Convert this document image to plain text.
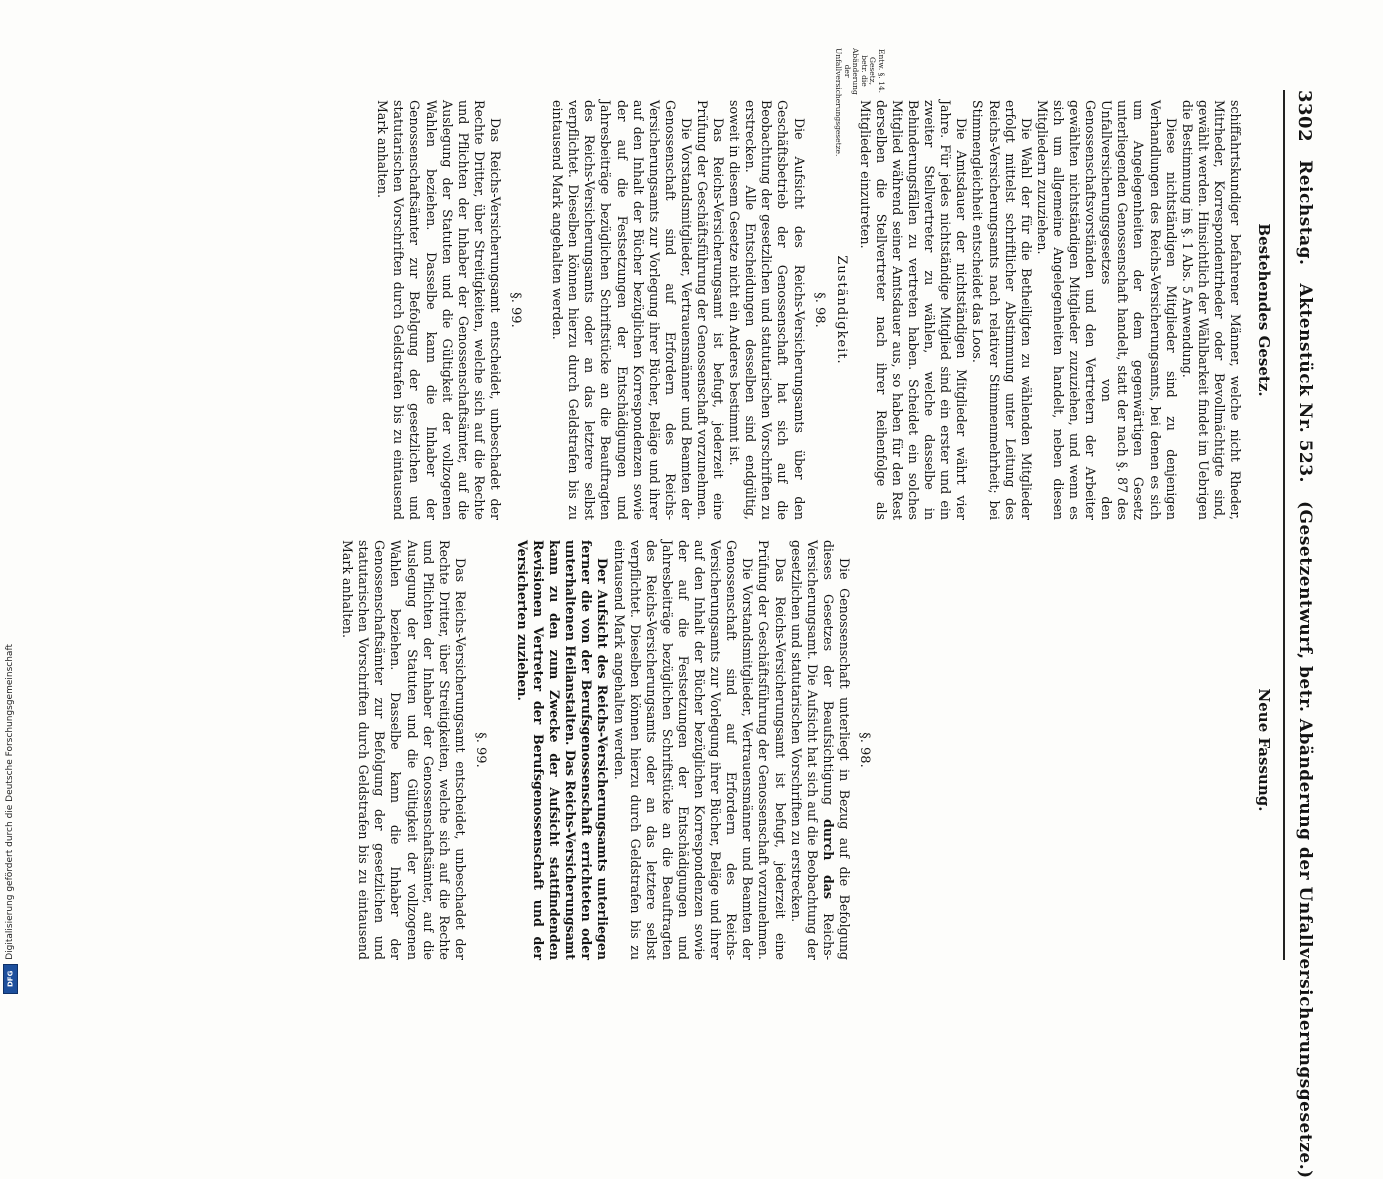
3302
Reichstag.
Aktenstück Nr. 523.
(Gesetzentwurf, betr. Abänderung der Unfallversicherungsgesetze.)
Bestehendes Gesetz.
Neue Fassung.

schiffahrtskundiger befahrener Männer, welche nicht Rheder, Mitrheder, Korrespondentrheder oder Bevollmächtigte sind, gewählt werden. Hinsichtlich der Wählbarkeit findet im Uebrigen die Bestimmung im §. 1 Abs. 5 Anwendung.

Diese nichtständigen Mitglieder sind zu denjenigen Verhandlungen des Reichs-Versicherungsamts, bei denen es sich um Angelegenheiten der dem gegenwärtigen Gesetz unterliegenden Genossenschaft handelt, statt der nach §. 87 des Unfallversicherungsgesetzes von den Genossenschaftsvorständen und den Vertretern der Arbeiter gewählten nichtständigen Mitglieder zuzuziehen, und wenn es sich um allgemeine Angelegenheiten handelt, neben diesen Mitgliedern zuzuziehen.

Die Wahl der für die Betheiligten zu wählenden Mitglieder erfolgt mittelst schriftlicher Abstimmung unter Leitung des Reichs-Versicherungsamts nach relativer Stimmenmehrheit; bei Stimmengleichheit entscheidet das Loos.

Die Amtsdauer der nichtständigen Mitglieder währt vier Jahre. Für jedes nichtständige Mitglied sind ein erster und ein zweiter Stellvertreter zu wählen, welche dasselbe in Behinderungsfällen zu vertreten haben. Scheidet ein solches Mitglied während seiner Amtsdauer aus, so haben für den Rest derselben die Stellvertreter nach ihrer Reihenfolge als Mitglieder einzutreten.

Zuständigkeit.

§. 98.

Die Aufsicht des Reichs-Versicherungsamts über den Geschäftsbetrieb der Genossenschaft hat sich auf die Beobachtung der gesetzlichen und statutarischen Vorschriften zu erstrecken. Alle Entscheidungen desselben sind endgültig, soweit in diesem Gesetze nicht ein Anderes bestimmt ist.

Das Reichs-Versicherungsamt ist befugt, jederzeit eine Prüfung der Geschäftsführung der Genossenschaft vorzunehmen.

Die Vorstandsmitglieder, Vertrauensmänner und Beamten der Genossenschaft sind auf Erfordern des Reichs-Versicherungsamts zur Vorlegung ihrer Bücher, Beläge und ihrer auf den Inhalt der Bücher bezüglichen Korrespondenzen sowie der auf die Festsetzungen der Entschädigungen und Jahresbeiträge bezüglichen Schriftstücke an die Beauftragten des Reichs-Versicherungsamts oder an das letztere selbst verpflichtet. Dieselben können hierzu durch Geldstrafen bis zu eintausend Mark angehalten werden.

§. 99.

Das Reichs-Versicherungsamt entscheidet, unbeschadet der Rechte Dritter, über Streitigkeiten, welche sich auf die Rechte und Pflichten der Inhaber der Genossenschaftsämter, auf die Auslegung der Statuten und die Gültigkeit der vollzogenen Wahlen beziehen. Dasselbe kann die Inhaber der Genossenschaftsämter zur Befolgung der gesetzlichen und statutarischen Vorschriften durch Geldstrafen bis zu eintausend Mark anhalten.

Entw. §. 14. Gesetz, betr. die Abänderung der Unfallversicherungsgesetze.

§. 98.

Die Genossenschaft unterliegt in Bezug auf die Befolgung dieses Gesetzes der Beaufsichtigung durch das Reichs-Versicherungsamt. Die Aufsicht hat sich auf die Beobachtung der gesetzlichen und statutarischen Vorschriften zu erstrecken.

Das Reichs-Versicherungsamt ist befugt, jederzeit eine Prüfung der Geschäftsführung der Genossenschaft vorzunehmen.

Die Vorstandsmitglieder, Vertrauensmänner und Beamten der Genossenschaft sind auf Erfordern des Reichs-Versicherungsamts zur Vorlegung ihrer Bücher, Beläge und ihrer auf den Inhalt der Bücher bezüglichen Korrespondenzen sowie der auf die Festsetzungen der Entschädigungen und Jahresbeiträge bezüglichen Schriftstücke an die Beauftragten des Reichs-Versicherungsamts oder an das letztere selbst verpflichtet. Dieselben können hierzu durch Geldstrafen bis zu eintausend Mark angehalten werden.

Der Aufsicht des Reichs-Versicherungsamts unterliegen ferner die von der Berufsgenossenschaft errichteten oder unterhaltenen Heilanstalten. Das Reichs-Versicherungsamt kann zu den zum Zwecke der Aufsicht stattfindenden Revisionen Vertreter der Berufsgenossenschaft und der Versicherten zuziehen.

§. 99.

Das Reichs-Versicherungsamt entscheidet, unbeschadet der Rechte Dritter, über Streitigkeiten, welche sich auf die Rechte und Pflichten der Inhaber der Genossenschaftsämter, auf die Auslegung der Statuten und die Gültigkeit der vollzogenen Wahlen beziehen. Dasselbe kann die Inhaber der Genossenschaftsämter zur Befolgung der gesetzlichen und statutarischen Vorschriften durch Geldstrafen bis zu eintausend Mark anhalten.

Digitalisierung gefördert durch die Deutsche Forschungsgemeinschaft
DFG
